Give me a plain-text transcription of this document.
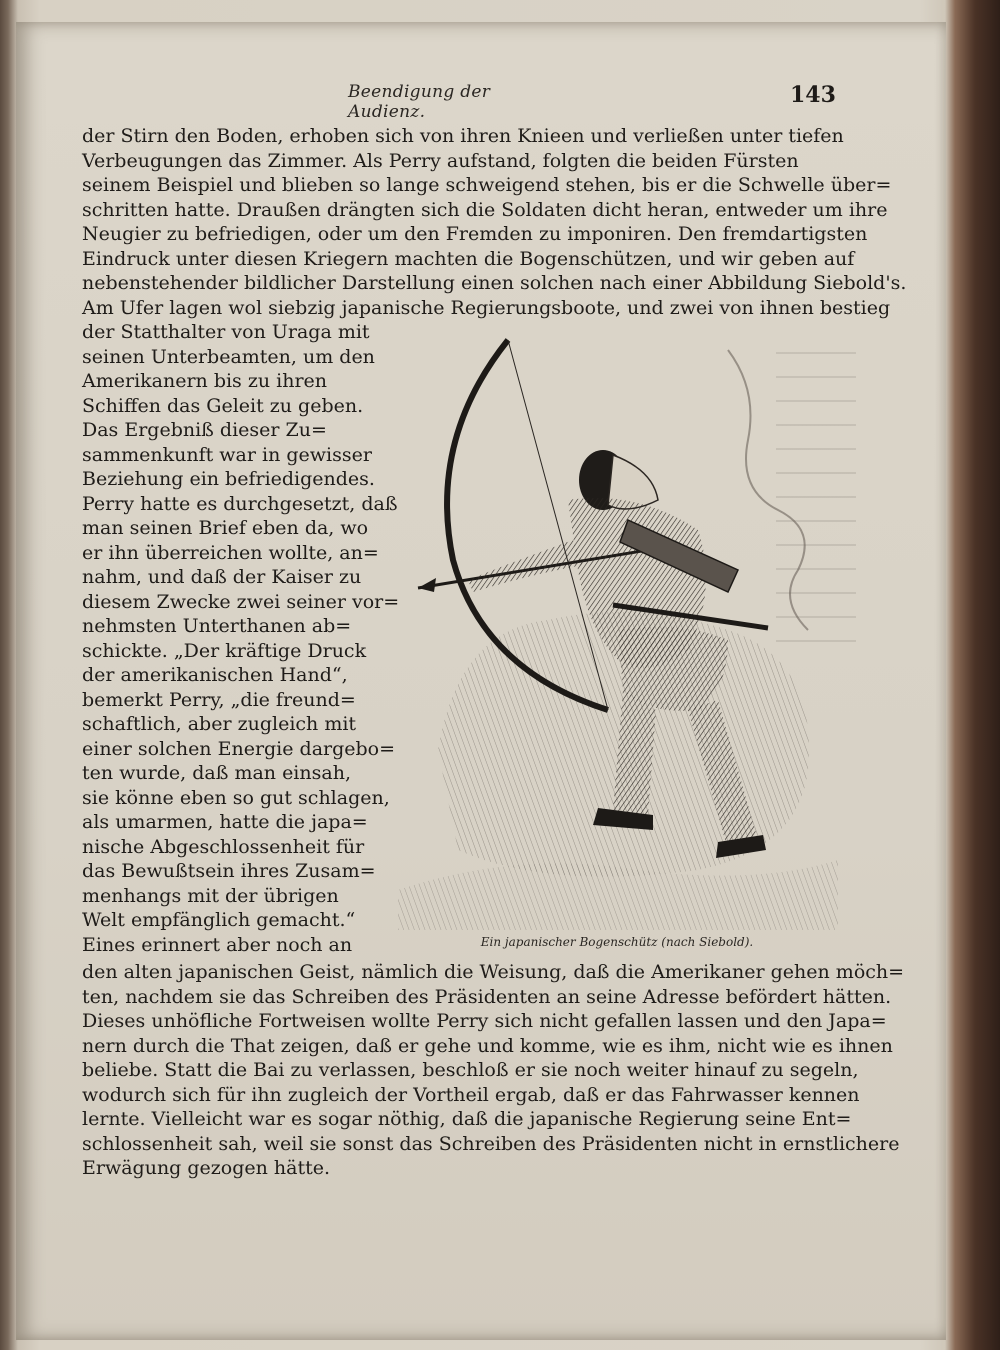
Beendigung der Audienz.
143
der Stirn den Boden, erhoben sich von ihren Knieen und verließen unter tiefen
Verbeugungen das Zimmer. Als Perry aufstand, folgten die beiden Fürsten
seinem Beispiel und blieben so lange schweigend stehen, bis er die Schwelle über=
schritten hatte. Draußen drängten sich die Soldaten dicht heran, entweder um ihre
Neugier zu befriedigen, oder um den Fremden zu imponiren. Den fremdartigsten
Eindruck unter diesen Kriegern machten die Bogenschützen, und wir geben auf
nebenstehender bildlicher Darstellung einen solchen nach einer Abbildung Siebold's.
Am Ufer lagen wol siebzig japanische Regierungsboote, und zwei von ihnen bestieg
der Statthalter von Uraga mit
seinen Unterbeamten, um den
Amerikanern bis zu ihren
Schiffen das Geleit zu geben.
Das Ergebniß dieser Zu=
sammenkunft war in gewisser
Beziehung ein befriedigendes.
Perry hatte es durchgesetzt, daß
man seinen Brief eben da, wo
er ihn überreichen wollte, an=
nahm, und daß der Kaiser zu
diesem Zwecke zwei seiner vor=
nehmsten Unterthanen ab=
schickte. „Der kräftige Druck
der amerikanischen Hand“,
bemerkt Perry, „die freund=
schaftlich, aber zugleich mit
einer solchen Energie dargebo=
ten wurde, daß man einsah,
sie könne eben so gut schlagen,
als umarmen, hatte die japa=
nische Abgeschlossenheit für
das Bewußtsein ihres Zusam=
menhangs mit der übrigen
Welt empfänglich gemacht.“
Eines erinnert aber noch an
den alten japanischen Geist, nämlich die Weisung, daß die Amerikaner gehen möch=
ten, nachdem sie das Schreiben des Präsidenten an seine Adresse befördert hätten.
Dieses unhöfliche Fortweisen wollte Perry sich nicht gefallen lassen und den Japa=
nern durch die That zeigen, daß er gehe und komme, wie es ihm, nicht wie es ihnen
beliebe. Statt die Bai zu verlassen, beschloß er sie noch weiter hinauf zu segeln,
wodurch sich für ihn zugleich der Vortheil ergab, daß er das Fahrwasser kennen
lernte. Vielleicht war es sogar nöthig, daß die japanische Regierung seine Ent=
schlossenheit sah, weil sie sonst das Schreiben des Präsidenten nicht in ernstlichere
Erwägung gezogen hätte.
Ein japanischer Bogenschütz (nach Siebold).
